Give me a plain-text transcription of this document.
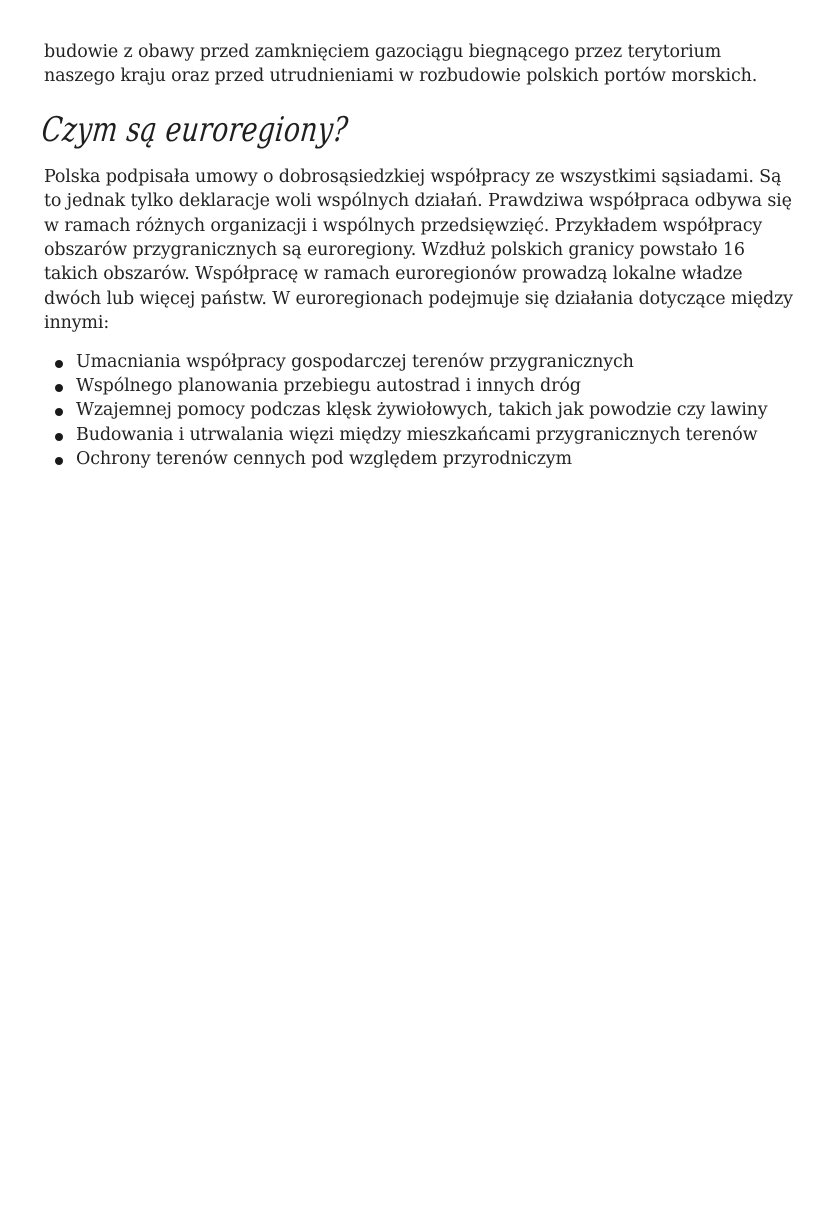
budowie z obawy przed zamknięciem gazociągu biegnącego przez terytorium naszego kraju oraz przed utrudnieniami w rozbudowie polskich portów morskich.

Czym są euroregiony?

Polska podpisała umowy o dobrosąsiedzkiej współpracy ze wszystkimi sąsiadami. Są to jednak tylko deklaracje woli wspólnych działań. Prawdziwa współpraca odbywa się w ramach różnych organizacji i wspólnych przedsięwzięć. Przykładem współpracy obszarów przygranicznych są euroregiony. Wzdłuż polskich granicy powstało 16 takich obszarów. Współpracę w ramach euroregionów prowadzą lokalne władze dwóch lub więcej państw. W euroregionach podejmuje się działania dotyczące między innymi:

Umacniania współpracy gospodarczej terenów przygranicznych
Wspólnego planowania przebiegu autostrad i innych dróg
Wzajemnej pomocy podczas klęsk żywiołowych, takich jak powodzie czy lawiny
Budowania i utrwalania więzi między mieszkańcami przygranicznych terenów
Ochrony terenów cennych pod względem przyrodniczym
